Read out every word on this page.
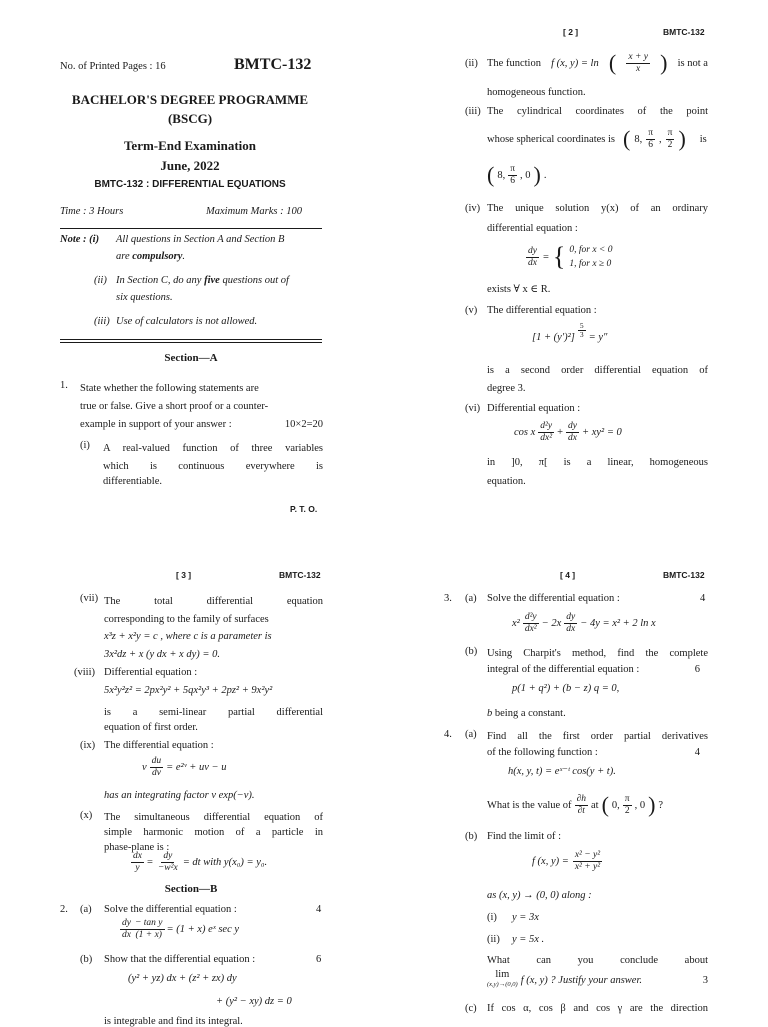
No. of Printed Pages : 16	BMTC-132
BACHELOR'S DEGREE PROGRAMME
(BSCG)
Term-End Examination
June, 2022
BMTC-132 : DIFFERENTIAL EQUATIONS
Time : 3 Hours	Maximum Marks : 100
Note : (i) All questions in Section A and Section B
are compulsory.
(ii) In Section C, do any five questions out of
six questions.
(iii) Use of calculators is not allowed.
Section—A
1. State whether the following statements are
true or false. Give a short proof or a counter-
example in support of your answer :	10×2=20
(i) A real-valued function of three variables
which is continuous everywhere is
differentiable.
P. T. O.
[ 2 ]	BMTC-132
(ii) The function f (x, y) = ln ( $\frac{x + y}{x}$ ) is not a
homogeneous function.
(iii) The cylindrical coordinates of the point
whose spherical coordinates is ( 8, $\frac{\pi}{6}$ , $\frac{\pi}{2}$ ) is
( 8, $\frac{\pi}{6}$ , 0 ) .
(iv) The unique solution y(x) of an ordinary
differential equation :
$\frac{dy}{dx}$ = { 0, for x < 0
1, for x ≥ 0
exists ∀ x ∈ R.
(v) The differential equation :
$[1 + (y')^2] \frac{5}{3} = y''$
is a second order differential equation of
degree 3.
(vi) Differential equation :
cos x $\frac{\text{d²y}}{\text{dx²}} + \frac{dy}{dx} + xy^2 = 0$
in ]0, π[ is a linear, homogeneous
equation.
[ 3 ]	BMTC-132
(vii) The total differential equation
corresponding to the family of surfaces
x³z + x²y = c , where c is a parameter is
3x²dz + x (y dx + x dy) = 0.
(viii) Differential equation :
5x²y²z² = 2px²y² + 5qx²y³ + 2pz² + 9x²y²
is a semi-linear partial differential
equation of first order.
(ix) The differential equation :
v $\frac{du}{dv}$ = e²ᵛ + uv − u
has an integrating factor v exp(−v).
(x) The simultaneous differential equation of
simple harmonic motion of a particle in
phase-plane is :
$\frac{dx}{y} = \frac{dy}{\text{−w²x}}$ = dt with y(x₀) = y₀.
Section—B
2. (a) Solve the differential equation :	4
$\frac{dy}{dx} \frac{\text{− tan y}}{(1 + x)} = (1 + x)$ eˣ sec y
(b) Show that the differential equation :	6
(y² + yz) dx + (z² + zx) dy
+ (y² − xy) dz = 0
is integrable and find its integral.
[ 4 ]	BMTC-132
3. (a) Solve the differential equation :	4
$x^2 \frac{\text{d²y}}{\text{dx²}} - 2x \frac{dy}{dx} - 4y = x^2 + 2$ ln x
(b) Using Charpit's method, find the complete
integral of the differential equation :	6
p(1 + q²) + (b − z) q = 0,
b being a constant.
4. (a) Find all the first order partial derivatives
of the following function :	4
h(x, y, t) = eˣ⁻ᵗ cos(y + t).
What is the value of $\frac{\partial h}{\partial t}$ at ( 0, $\frac{\pi}{2}$ , 0 ) ?
(b) Find the limit of :
f (x, $y) = \frac{\text{x² − y²}}{\text{x² + y²}}$
as (x, y) → (0, 0) along :
(i) y = 3x
(ii) y = 5x .
What can you conclude about
lim
(x,y)→(0,0) f (x, y) ? Justify your answer.	3
(c) If cos α, cos β and cos γ are the direction
